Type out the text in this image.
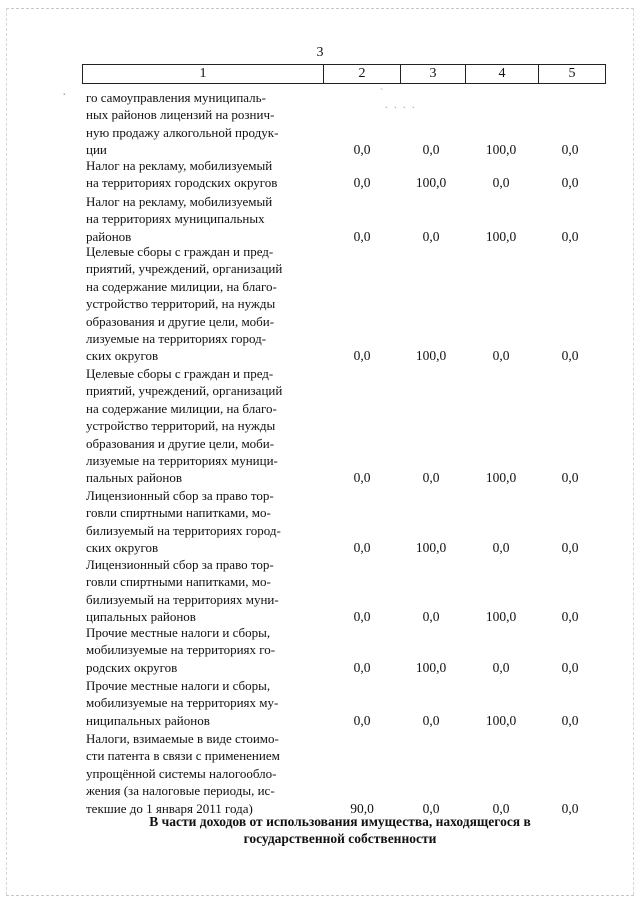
3
1	2	3	4	5
ˋ
. . . .
· го самоуправления муниципаль-
ных районов лицензий на рознич-
ную продажу алкогольной продук-
ции	0,0	0,0	100,0	0,0
Налог на рекламу, мобилизуемый
на территориях городских округов	0,0	100,0	0,0	0,0
Налог на рекламу, мобилизуемый
на территориях муниципальных
районов	0,0	0,0	100,0	0,0
Целевые сборы с граждан и пред-
приятий, учреждений, организаций
на содержание милиции, на благо-
устройство территорий, на нужды
образования и другие цели, моби-
лизуемые на территориях город-
ских округов	0,0	100,0	0,0	0,0
Целевые сборы с граждан и пред-
приятий, учреждений, организаций
на содержание милиции, на благо-
устройство территорий, на нужды
образования и другие цели, моби-
лизуемые на территориях муници-
пальных районов	0,0	0,0	100,0	0,0
Лицензионный сбор за право тор-
говли спиртными напитками, мо-
билизуемый на территориях город-
ских округов	0,0	100,0	0,0	0,0
Лицензионный сбор за право тор-
говли спиртными напитками, мо-
билизуемый на территориях муни-
ципальных районов	0,0	0,0	100,0	0,0
Прочие местные налоги и сборы,
мобилизуемые на территориях го-
родских округов	0,0	100,0	0,0	0,0
Прочие местные налоги и сборы,
мобилизуемые на территориях му-
ниципальных районов	0,0	0,0	100,0	0,0
Налоги, взимаемые в виде стоимо-
сти патента в связи с применением
упрощённой системы налогообло-
жения (за налоговые периоды, ис-
текшие до 1 января 2011 года)	90,0	0,0	0,0	0,0
В части доходов от использования имущества, находящегося в государственной собственности
